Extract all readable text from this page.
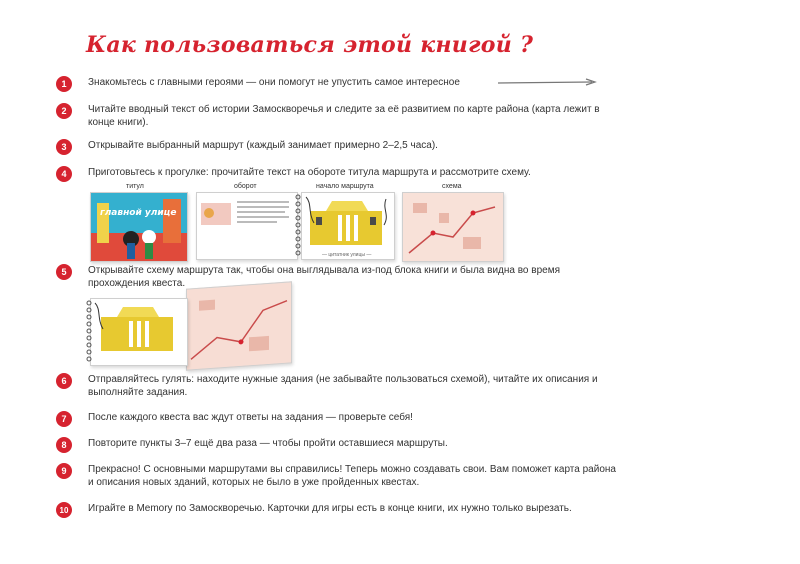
Как пользоваться этой книгой ?
1	Знакомьтесь с главными героями — они помогут не упустить самое интересное
2	Читайте вводный текст об истории Замоскворечья и следите за её развитием по карте района (карта лежит в конце книги).
3	Открывайте выбранный маршрут (каждый занимает примерно 2–2,5 часа).
4	Приготовьтесь к прогулке: прочитайте текст на обороте титула маршрута и рассмотрите схему.
титул	оборот	начало маршрута	схема
главной улице
— цитатник улицы —
5	Открывайте схему маршрута так, чтобы она выглядывала из-под блока книги и была видна во время прохождения квеста.
6	Отправляйтесь гулять: находите нужные здания (не забывайте пользоваться схемой), читайте их описания и выполняйте задания.
7	После каждого квеста вас ждут ответы на задания — проверьте себя!
8	Повторите пункты 3–7 ещё два раза — чтобы пройти оставшиеся маршруты.
9	Прекрасно! С основными маршрутами вы справились! Теперь можно создавать свои. Вам поможет карта района и описания новых зданий, которых не было в уже пройденных квестах.
10	Играйте в Memory по Замоскворечью. Карточки для игры есть в конце книги, их нужно только вырезать.
